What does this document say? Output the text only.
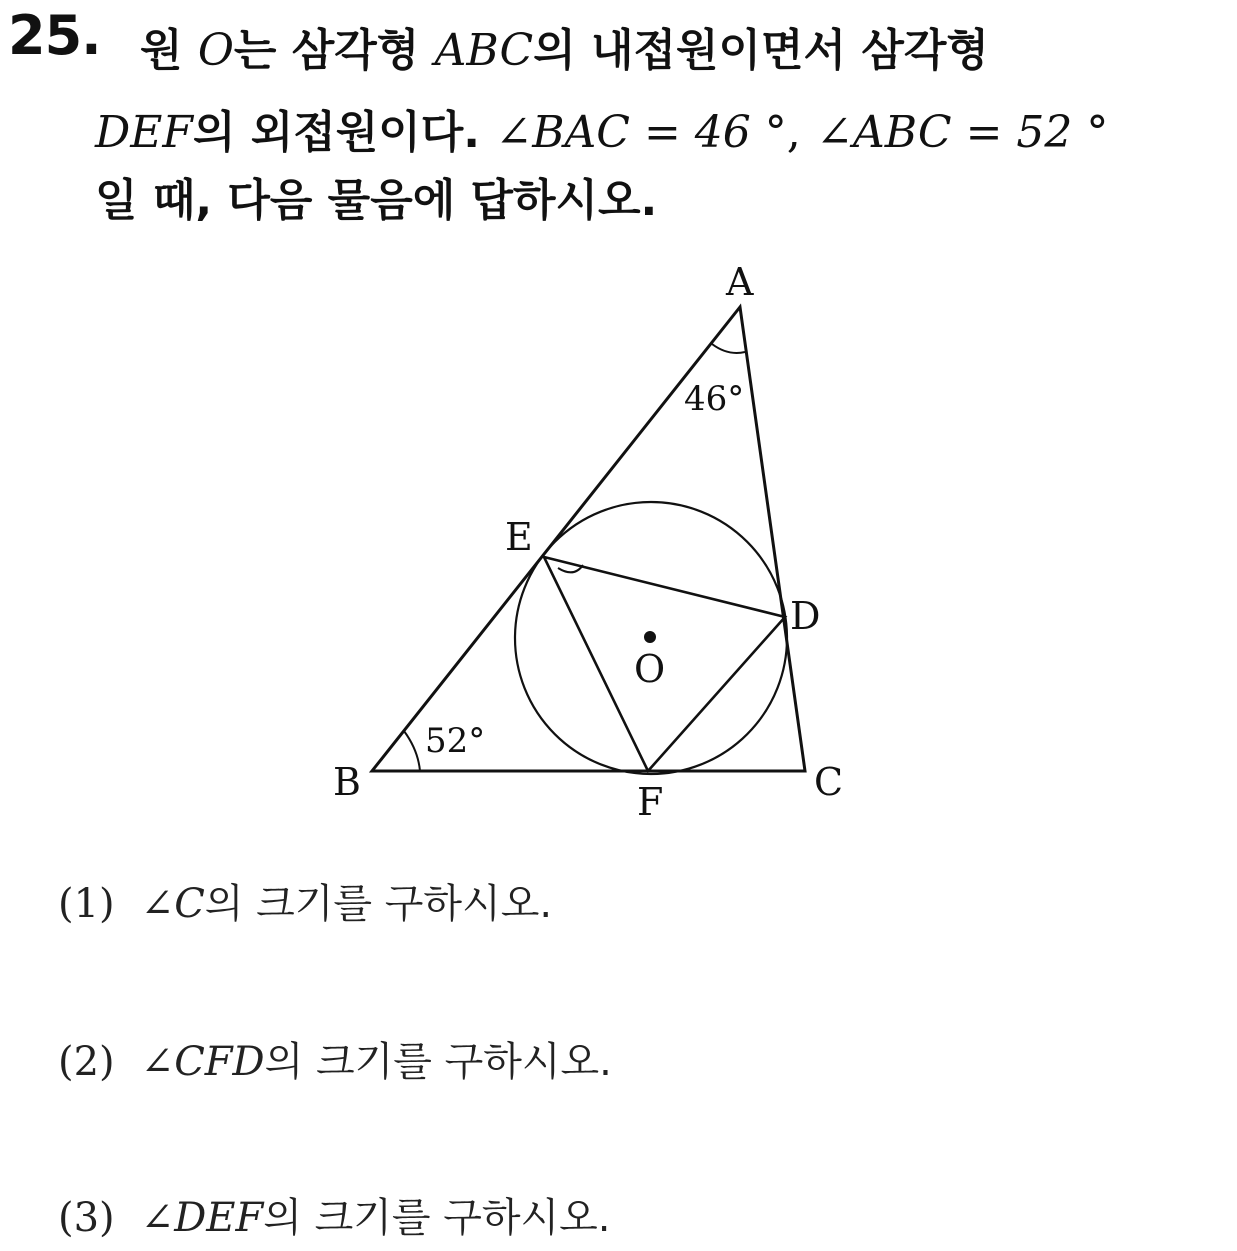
25. 원 O는 삼각형 ABC의 내접원이면서 삼각형
DEF의 외접원이다. ∠BAC = 46 °, ∠ABC = 52 °
일 때, 다음 물음에 답하시오.
A
B	C
D
E
F
O
46°
52°
(1) ∠C의 크기를 구하시오.
(2) ∠CFD의 크기를 구하시오.
(3) ∠DEF의 크기를 구하시오.
